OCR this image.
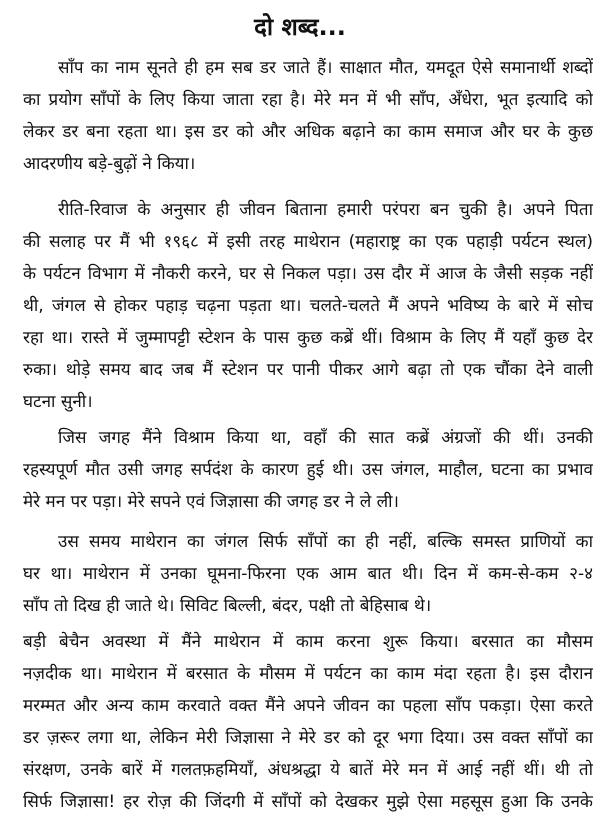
दो शब्द...
साँप का नाम सूनते ही हम सब डर जाते हैं। साक्षात मौत, यमदूत ऐसे समानार्थी शब्दों
का प्रयोग साँपों के लिए किया जाता रहा है। मेरे मन में भी साँप, अँधेरा, भूत इत्यादि को
लेकर डर बना रहता था। इस डर को और अधिक बढ़ाने का काम समाज और घर के कुछ
आदरणीय बड़े-बुढ़ों ने किया।
रीति-रिवाज के अनुसार ही जीवन बिताना हमारी परंपरा बन चुकी है। अपने पिता
की सलाह पर मैं भी १९६८ में इसी तरह माथेरान (महाराष्ट्र का एक पहाड़ी पर्यटन स्थल)
के पर्यटन विभाग में नौकरी करने, घर से निकल पड़ा। उस दौर में आज के जैसी सड़क नहीं
थी, जंगल से होकर पहाड़ चढ़ना पड़ता था। चलते-चलते मैं अपने भविष्य के बारे में सोच
रहा था। रास्ते में जुम्मापट्टी स्टेशन के पास कुछ कब्रें थीं। विश्राम के लिए मैं यहाँ कुछ देर
रुका। थोड़े समय बाद जब मैं स्टेशन पर पानी पीकर आगे बढ़ा तो एक चौंका देने वाली
घटना सुनी।
जिस जगह मैंने विश्राम किया था, वहाँ की सात कब्रें अंग्रजों की थीं। उनकी
रहस्यपूर्ण मौत उसी जगह सर्पदंश के कारण हुई थी। उस जंगल, माहौल, घटना का प्रभाव
मेरे मन पर पड़ा। मेरे सपने एवं जिज्ञासा की जगह डर ने ले ली।
उस समय माथेरान का जंगल सिर्फ साँपों का ही नहीं, बल्कि समस्त प्राणियों का
घर था। माथेरान में उनका घूमना-फिरना एक आम बात थी। दिन में कम-से-कम २-४
साँप तो दिख ही जाते थे। सिविट बिल्ली, बंदर, पक्षी तो बेहिसाब थे।
बड़ी बेचैन अवस्था में मैंने माथेरान में काम करना शुरू किया। बरसात का मौसम
नज़दीक था। माथेरान में बरसात के मौसम में पर्यटन का काम मंदा रहता है। इस दौरान
मरम्मत और अन्य काम करवाते वक्त मैंने अपने जीवन का पहला साँप पकड़ा। ऐसा करते
डर ज़रूर लगा था, लेकिन मेरी जिज्ञासा ने मेरे डर को दूर भगा दिया। उस वक्त साँपों का
संरक्षण, उनके बारें में गलतफ़हमियाँ, अंधश्रद्धा ये बातें मेरे मन में आई नहीं थीं। थी तो
सिर्फ जिज्ञासा! हर रोज़ की जिंदगी में साँपों को देखकर मुझे ऐसा महसूस हुआ कि उनके
